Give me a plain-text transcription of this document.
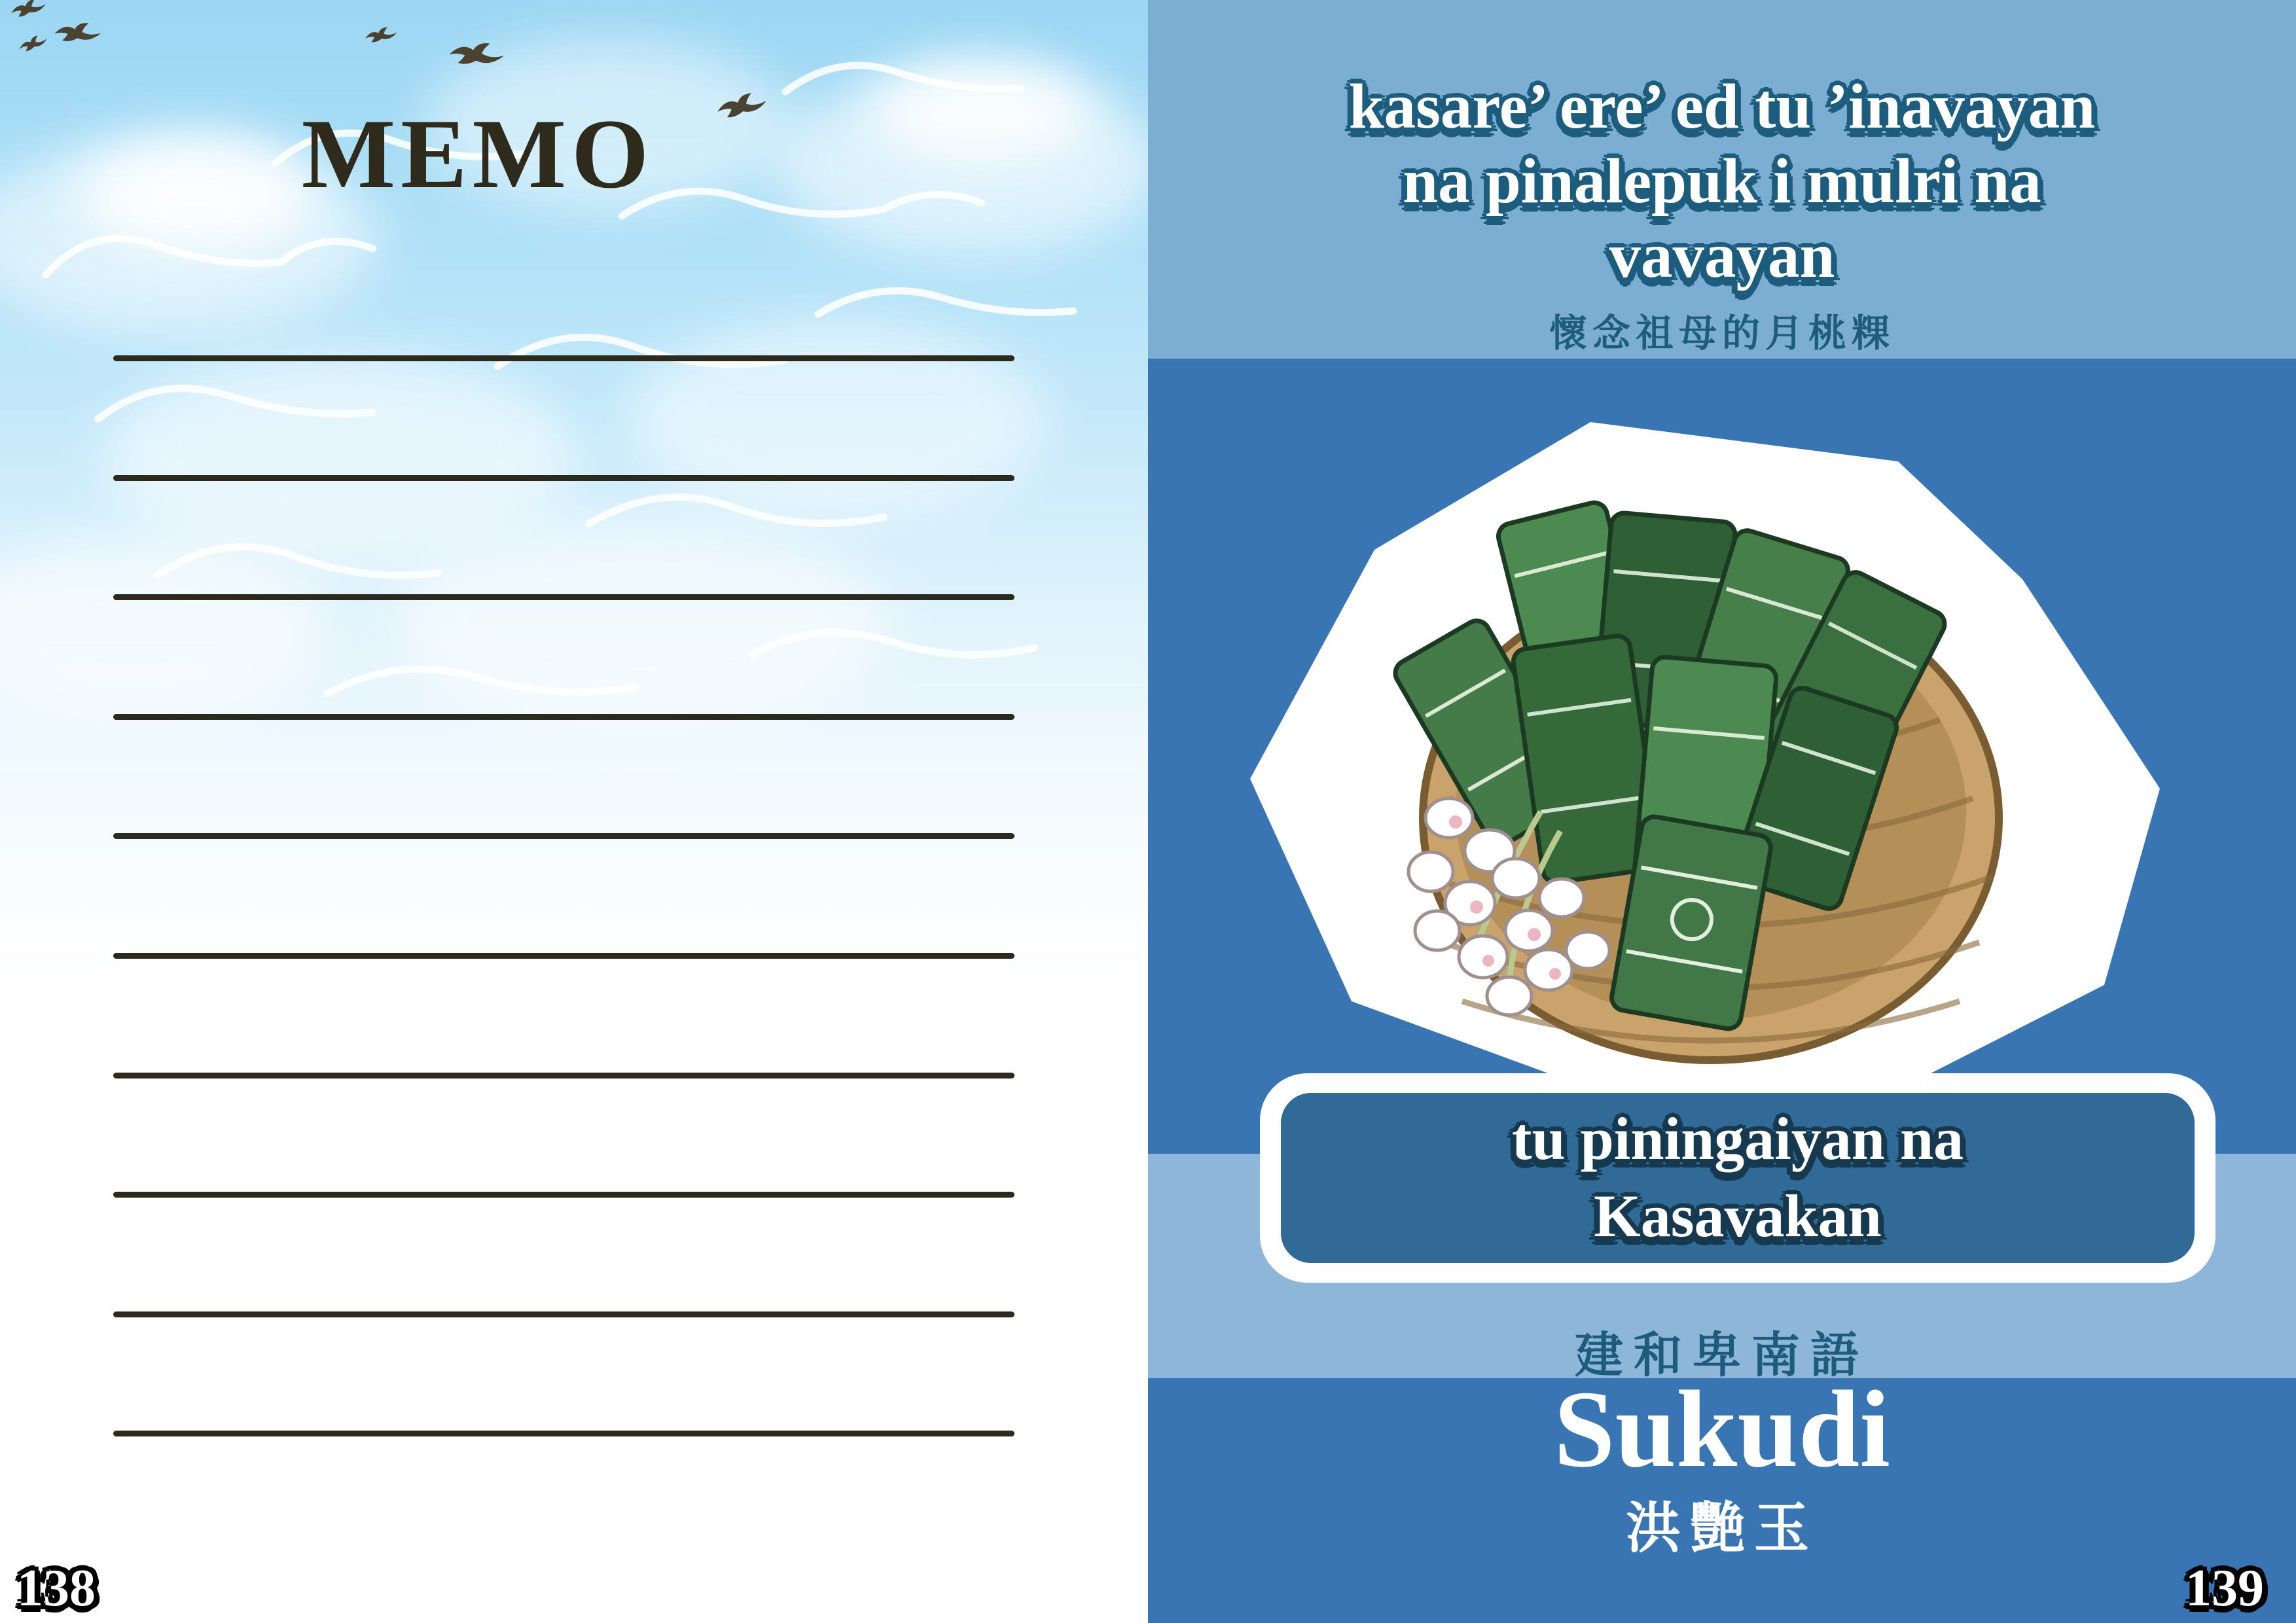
MEMO
138
kasare’ ere’ ed tu ’inavayan
na pinalepuk i mulri na
vavayan
懷念祖母的月桃粿
tu piningaiyan na
Kasavakan
建和卑南語
Sukudi
洪艷玉
139
